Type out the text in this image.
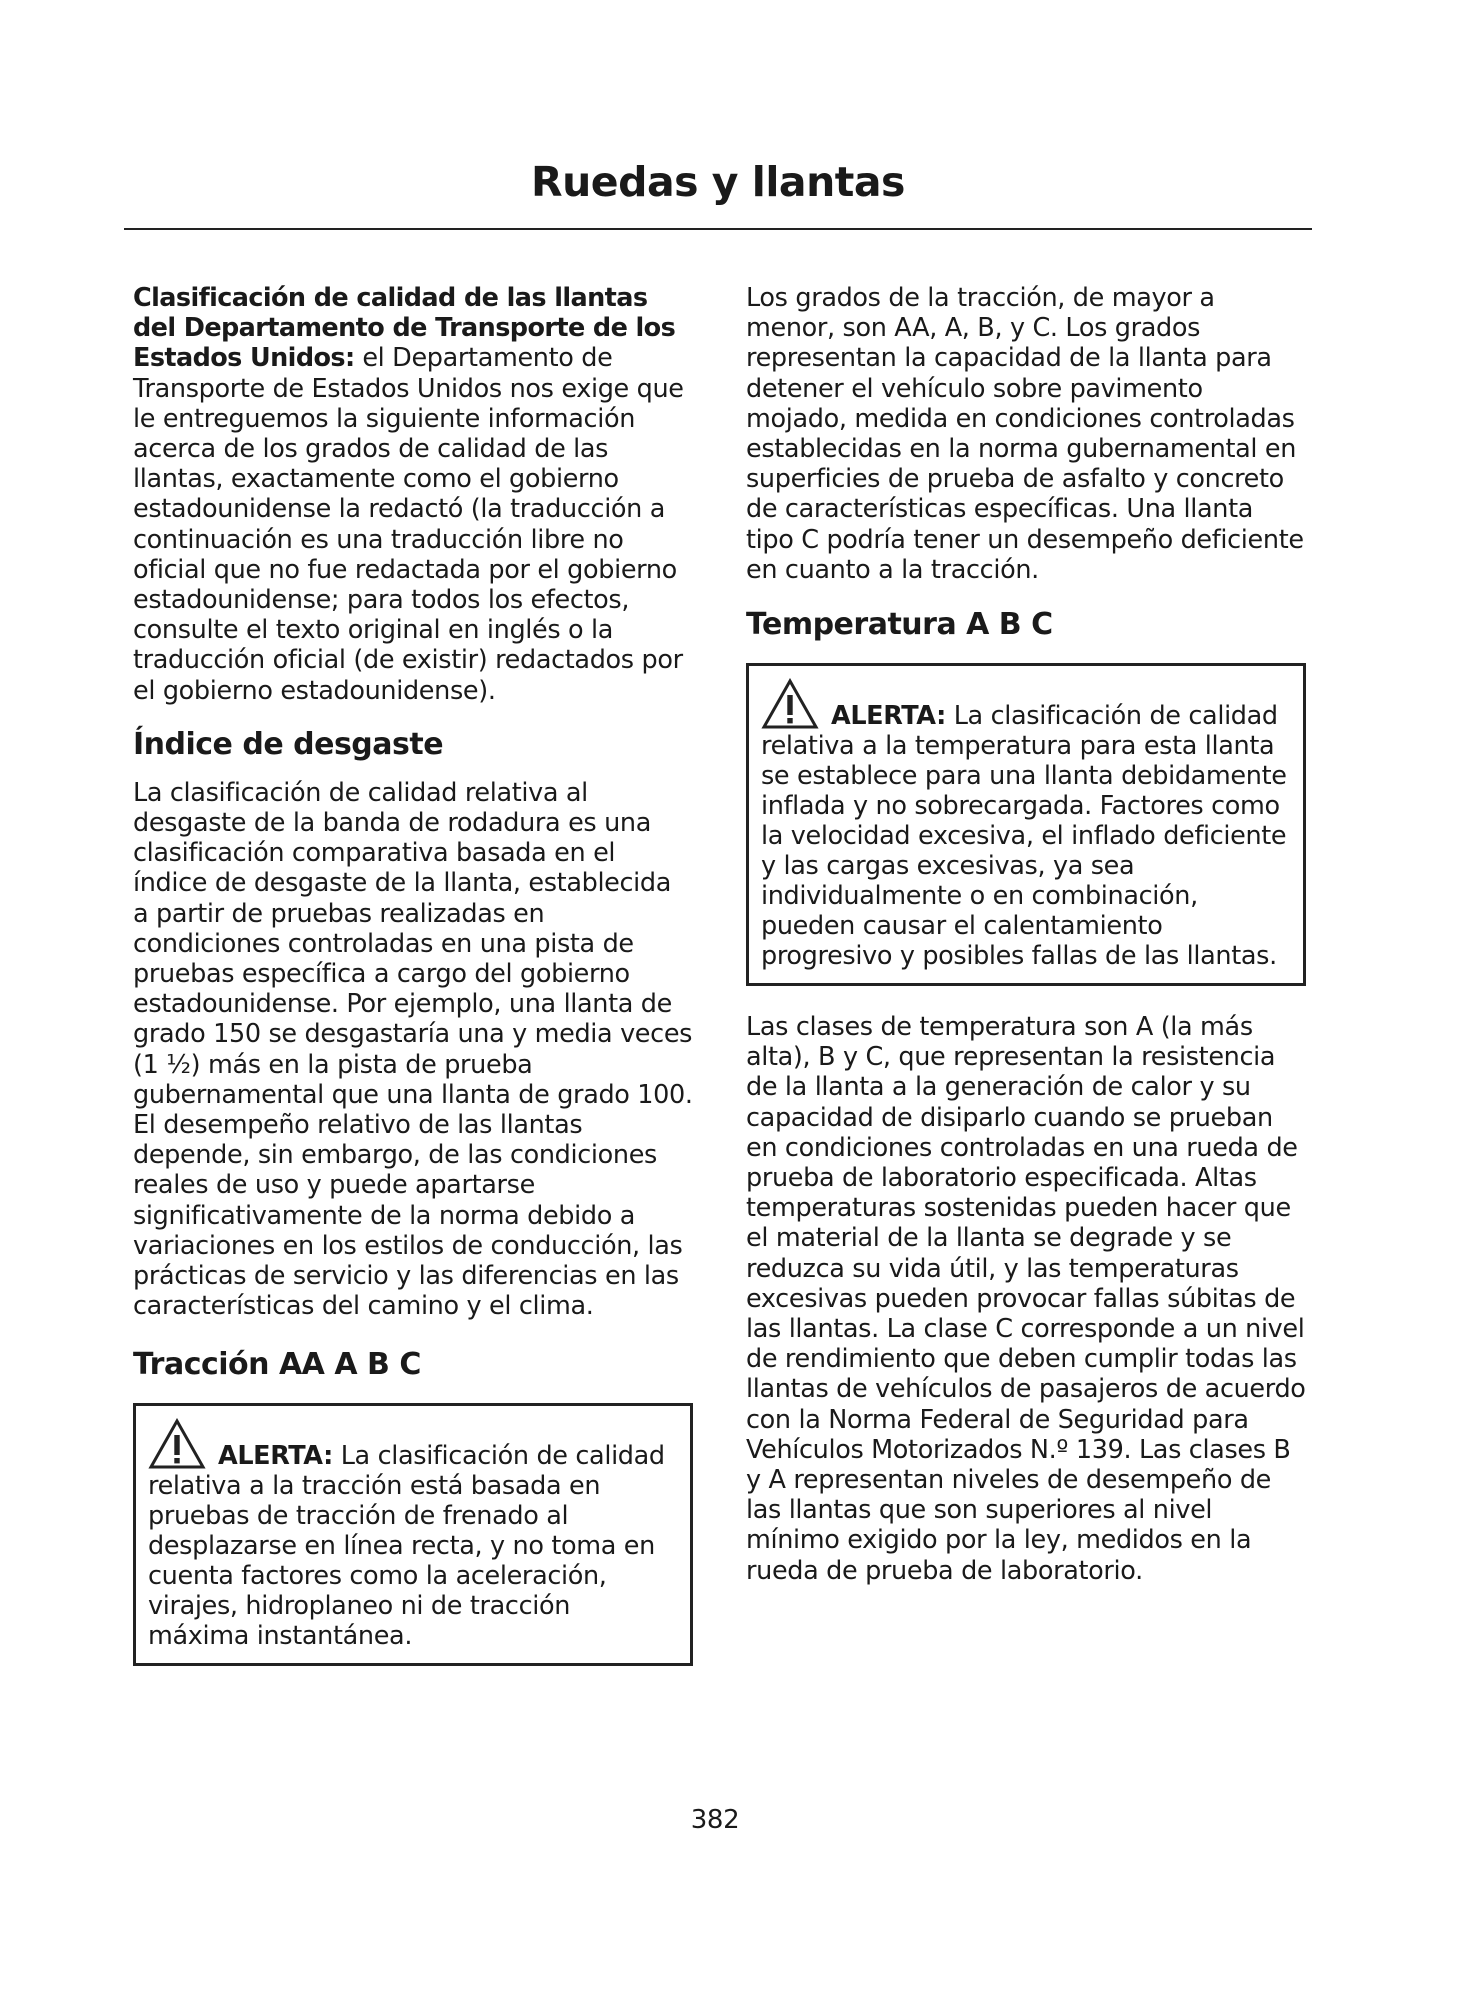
Ruedas y llantas

Clasificación de calidad de las llantas del Departamento de Transporte de los Estados Unidos: el Departamento de Transporte de Estados Unidos nos exige que le entreguemos la siguiente información acerca de los grados de calidad de las llantas, exactamente como el gobierno estadounidense la redactó (la traducción a continuación es una traducción libre no oficial que no fue redactada por el gobierno estadounidense; para todos los efectos, consulte el texto original en inglés o la traducción oficial (de existir) redactados por el gobierno estadounidense).

Índice de desgaste

La clasificación de calidad relativa al desgaste de la banda de rodadura es una clasificación comparativa basada en el índice de desgaste de la llanta, establecida a partir de pruebas realizadas en condiciones controladas en una pista de pruebas específica a cargo del gobierno estadounidense. Por ejemplo, una llanta de grado 150 se desgastaría una y media veces (1 ½) más en la pista de prueba gubernamental que una llanta de grado 100. El desempeño relativo de las llantas depende, sin embargo, de las condiciones reales de uso y puede apartarse significativamente de la norma debido a variaciones en los estilos de conducción, las prácticas de servicio y las diferencias en las características del camino y el clima.

Tracción AA A B C

ALERTA: La clasificación de calidad relativa a la tracción está basada en pruebas de tracción de frenado al desplazarse en línea recta, y no toma en cuenta factores como la aceleración, virajes, hidroplaneo ni de tracción máxima instantánea.

Los grados de la tracción, de mayor a menor, son AA, A, B, y C. Los grados representan la capacidad de la llanta para detener el vehículo sobre pavimento mojado, medida en condiciones controladas establecidas en la norma gubernamental en superficies de prueba de asfalto y concreto de características específicas. Una llanta tipo C podría tener un desempeño deficiente en cuanto a la tracción.

Temperatura A B C

ALERTA: La clasificación de calidad relativa a la temperatura para esta llanta se establece para una llanta debidamente inflada y no sobrecargada. Factores como la velocidad excesiva, el inflado deficiente y las cargas excesivas, ya sea individualmente o en combinación, pueden causar el calentamiento progresivo y posibles fallas de las llantas.

Las clases de temperatura son A (la más alta), B y C, que representan la resistencia de la llanta a la generación de calor y su capacidad de disiparlo cuando se prueban en condiciones controladas en una rueda de prueba de laboratorio especificada. Altas temperaturas sostenidas pueden hacer que el material de la llanta se degrade y se reduzca su vida útil, y las temperaturas excesivas pueden provocar fallas súbitas de las llantas. La clase C corresponde a un nivel de rendimiento que deben cumplir todas las llantas de vehículos de pasajeros de acuerdo con la Norma Federal de Seguridad para Vehículos Motorizados N.º 139. Las clases B y A representan niveles de desempeño de las llantas que son superiores al nivel mínimo exigido por la ley, medidos en la rueda de prueba de laboratorio.

382
